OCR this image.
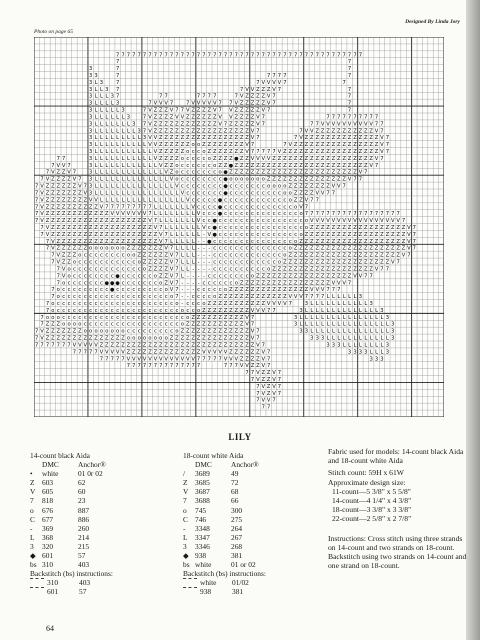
Photo on page 65
Designed By Linda Jory
7 7 7 7 7 7 7 7 7 7 7 7 7 7 7 7 7 7 7 7 7 7 7 7 7 7 7 7 7 7 7 7 7 7 7 7 7 7 7 7 7 7 7 7 7 7
7	7
3	7	7
3 3	7	7 7 7 7	7
3 L 3 7	7 V V V V 7	7
3 L L 3 7	7 V V Z Z Z V 7	7
3 L L L 3 7	7 7	7 7 7 7	7 V Z Z Z Z V 7	7
3 L L L L 3	7 V V V 7 7 V V V V V 7 7 V Z Z Z Z Z V 7	7
3 L L L L L 3	7 V Z Z Z V 7 7 V Z Z Z Z V 7 V Z Z Z Z Z V 7	7
3 L L L L L L 3 7 V Z Z Z Z V V Z Z Z Z Z Z V V Z Z Z Z V 7	7 7 7 7 7 7 7 7 7 7
3 L L L L L L L 3 7 V Z Z Z Z Z Z Z Z Z Z Z Z V 7 Z Z Z Z Z V 7	7 7 V V V V V V V V V V 7 7
3 L L L L L L L L 3 7 V Z Z Z Z Z Z Z Z Z Z Z Z Z Z Z Z Z Z V 7	7 V V Z Z Z Z Z Z Z Z Z Z Z V 7
3 L L L L L L L L L 3 V V Z Z Z Z Z Z Z Z Z Z Z Z Z Z Z Z Z V 7	7 V Z Z Z Z Z Z Z Z Z Z Z Z Z Z V 7
3 L L L L L L L L L L V V Z Z Z Z Z Z o o Z Z Z Z Z Z Z Z V 7	7 V Z Z Z Z Z Z Z Z Z Z Z Z Z Z Z Z V 7
3 L L L L L L L L L L L V Z Z Z Z Z o c c o Z Z Z Z Z Z Z V 7 7 7 7 7 V Z Z Z Z Z Z Z Z Z Z Z Z Z Z Z Z Z Z V 7
7 7	3 L L L L L L L L L L L V Z Z Z Z o c c c c o Z Z Z Z ● Z Z V V V V Z Z Z Z Z Z Z Z Z Z Z Z Z Z Z Z Z Z Z V 7
7 V V 7	3 L L L L L L L L L L L L V Z Z o c c c c c c o Z Z ● Z Z Z Z Z Z Z Z Z Z Z Z Z Z Z Z Z Z Z Z Z Z Z Z Z V 7
7 V Z Z V 7 3 L L L L L L L L L L L L L V Z o c c c c c c c o ● Z Z Z Z Z Z Z Z Z Z Z Z Z Z Z Z Z Z Z Z Z Z Z Z V 7
7 V Z Z Z Z V 7 3 L L L L L L L L L L L L L L V o c c c c c c c c ● o o o o o o o Z Z Z Z Z Z Z Z Z Z Z Z Z Z Z V 7 7
7 V Z Z Z Z Z Z V 7 3 L L L L L L L L L L L L L L L V c c c c c c c c ● c c c c c c c o o o o Z Z Z Z Z Z Z Z V V 7
7 V Z Z Z Z Z Z Z V 3 L L L L L L L L L L L L L L L L V c c c c c c c ● c c c c c c c c c c o o Z Z Z Z V V 7 7
7 V Z Z Z Z Z Z Z Z V V L L L L L L L L L L L L L L L L V c c c c c ● c c c c c c c c c c c c o Z Z V 7 7
7 V Z Z Z Z Z Z Z Z Z Z V 7 7 7 7 7 7 7 7 7 L L L L L L L V c c c c ● c c c c c c c c c c c c c o V 7
7 V Z Z Z Z Z Z Z Z Z Z Z Z V V V V V V V 7 L L L L L L L L V c c c ● c c c c c c c c c c c c c c o 7 7 7 7 7 7 7 7 7 7 7 7 7 7 7 7 7 7
7 V Z Z Z Z Z Z Z Z Z Z Z Z Z Z Z Z Z Z Z V 7 L L L L L L L V c c ● c c c c c c c c c c c c c c c c o V V V V V V V V V V V V V V V V V 7
7 V Z Z Z Z Z Z Z Z Z Z Z Z Z Z Z Z Z Z Z V 7 L L L L L L L V c ● c c c c c c c c c c c c c c c c o Z Z Z Z Z Z Z Z Z Z Z Z Z Z Z Z Z Z V 7
7 V Z Z Z Z Z Z Z Z Z Z Z Z Z Z Z Z Z Z Z Z V 7 L L L L L L - V ● c c c c c c c c c c c c c c c o Z Z Z Z Z Z Z Z Z Z Z Z Z Z Z Z Z Z Z V 7
7 V Z Z Z Z Z Z Z Z Z Z Z Z Z Z Z Z Z Z Z V 7 L L L L L - - ● c c c c c c c c c c c c c c c o Z Z Z Z Z Z Z Z Z Z Z Z Z Z Z Z Z Z Z Z V 7
7 V Z Z Z Z Z Z o o o o o o o Z Z Z Z Z Z Z V 7 L L L L - - - c c c c c c c c c c c c c c o Z Z Z Z Z Z Z Z Z Z Z Z Z Z Z Z Z Z Z Z Z V 7
7 V Z Z Z o c c c c c c c c o o Z Z Z Z Z Z V 7 L L L - - - c c c c c c c c c c c c c o Z Z Z Z Z Z Z Z Z Z Z Z Z Z Z Z Z Z Z Z Z V 7
7 V Z Z o c c c c c c c c c c c o Z Z Z Z Z V 7 L L L - - - c c c c c c c c c c c c o Z Z Z Z Z Z Z Z Z Z Z Z Z Z Z Z Z Z Z Z V 7
7 V o c c c c c c c c c c c c c o Z Z Z Z V 7 L L - - - - c c c c c c c c c c o Z Z Z Z Z Z Z Z Z Z Z Z Z Z Z Z Z Z Z V 7 7
7 V o c c c c c c c c ● c c c c c c o Z Z V 7 L - - - - c c c c c c c c o Z Z Z Z Z Z Z Z Z Z Z Z Z Z Z Z Z Z V V 7 7
7 o c c c c c c c ● ● ● c c c c c c c o Z V 7 - - - - c c c c c c o Z Z Z Z Z Z Z Z Z Z Z Z Z Z Z Z Z V V V 7
7 o c c c c c c c c c ● c c c c c c c c c o V 7 - - - c c c c c o Z Z Z Z Z Z Z Z Z Z Z Z Z Z Z V V V 7 7 7
7 o c c c c c c c c c c c c c c c c c c c c o 7 - - c c c c o Z Z Z Z Z Z Z Z Z Z Z Z Z V V V 7 7 7 7 L L L L L L 3
7 o c c c c c c c c c c c c c c c c c c c c c c o - c c c o Z Z Z Z Z Z Z Z Z Z Z V V V V 7 3 L L L L L L L L L L L 3
7 o c c c c c c c c c c c c c c c c c c c c c c c o c c o Z Z Z Z Z Z Z Z Z V V V 7 7	3 L L L L L L L L L L L L L L 3
7 o o o c c c c c c c c c c c c c c c c c c c c c c c o Z Z Z Z Z Z Z Z Z Z V 7	3 L L L L L L L L L L L L L L L L 3
7 Z Z Z o o o o c c c c c c c c c c c c c c c c c c o Z Z Z Z Z Z Z Z Z Z Z V 7	3 L L L L L L L L L L L L L L L L L 3
7 V Z Z Z Z Z Z Z o o o o o o o o c c c c c c c c c o Z Z Z Z Z Z Z Z Z Z Z Z Z V 7	3 3 L L L L L L L L L L L L L L L 3
7 V Z Z Z Z Z Z Z Z Z Z Z Z Z Z Z o o o o o o o o Z Z Z Z Z Z Z Z Z Z Z Z Z Z Z V 7	3 3 3 L L L L L L L L L L L L 3
7 7 7 7 7 7 7 V V V V V Z Z Z Z Z Z Z Z Z Z Z Z Z Z Z Z Z Z Z Z Z Z Z Z Z Z Z Z Z V 7	3 3 3 L L L L L L L L 3
7 7 7 7 7 V V V V V Z Z Z Z Z Z Z Z Z Z Z Z Z Z V V V V V Z Z Z Z Z Z V 7	3 3 3 3 L L L 3
7 7 7 7 7 V V V V V V V V V V V V V 7 7 7 7 7 V V V Z Z Z Z V 7	3 3 3
7 7 7 7 7 7 7 7 7 7 7 7 7 7	7 7 7 V V Z Z V 7
7 7 V Z Z V 7
7 V Z Z V 7
7 V Z V 7
7 V Z V 7
7 V V 7
7 7
LILY
14-count black Aida
DMC	Anchor®
•	white	01 0r 02
Z	603	62
V 605	60
7	818	23
o	676	887
C 677	886
-	369	260
L	368	214
3	320	215
◆ 601	57
bs 310	403
Backstitch (bs) instructions:
310	403
601	57
18-count white Aida
DMC	Anchor®
/	3689	49
Z	3685	72
V 3687	68
7	3688	66
o	745	300
C 746	275
-	3348	264
L	3347	267
3	3346	268
◆ 938	381
bs white	01 or 02
Backstitch (bs) instructions:
white	01/02
938	381

Fabric used for models: 14-count black Aida and 18-count white Aida

Stitch count: 59H x 61W

Approximate design size:

11-count—5 3/8" x 5 5/8"
14-count—4 1/4" x 4 3/8"
18-count—3 3/8" x 3 3/8"
22-count—2 5/8" x 2 7/8"

Instructions: Cross stitch using three strands on 14-count and two strands on 18-count. Backstitch using two strands on 14-count and one strand on 18-count.

64
